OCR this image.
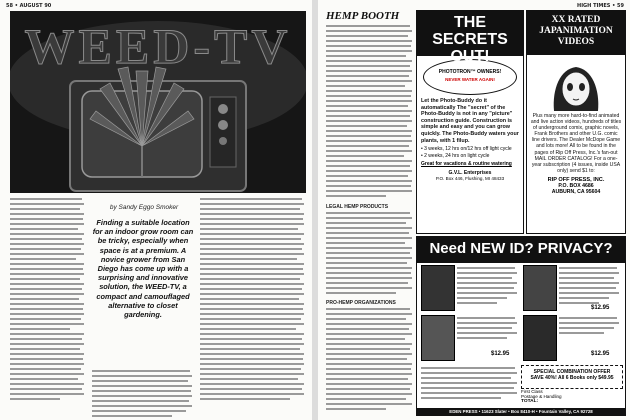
58 • AUGUST 90
WEED-TV
by Sandy Eggo Smoker
Finding a suitable location for an indoor grow room can be tricky, especially when space is at a premium. A novice grower from San Diego has come up with a surprising and innovative solution, the WEED-TV, a compact and camouflaged alternative to closet gardening.
HIGH TIMES • 59
HEMP BOOTH
LEGAL HEMP PRODUCTS
PRO-HEMP ORGANIZATIONS
THE SECRETS OUT!
PHOTOTRON™ OWNERS!
NEVER WATER AGAIN!
Let the Photo-Buddy do it automatically The "secret" of the Photo-Buddy is not in any "picture" construction guide. Construction is simple and easy and you can grow quickly. The Photo-Buddy waters your plants, with 1 filup.
• 3 weeks, 12 hrs on/12 hrs off light cycle
• 2 weeks, 24 hrs on light cycle
Great for vacations & routine watering
G.V.L. Enterprises
P.O. Box 446, Flushing, MI 48433
XX RATED JAPANIMATION VIDEOS
Plus many more hard-to-find animated and live action videos, hundreds of titles of underground comix, graphic novels, Frank Brothers and other U.G. comic line drivers. The Dealer McDope Game and lots more! All to be found in the pages of Rip Off Press, Inc.'s fan-out MAIL ORDER CATALOG! For a one-year subscription (4 issues, inside USA only) send $1 to:
RIP OFF PRESS, INC.
P.O. BOX 4686
AUBURN, CA 95604
Need NEW ID? PRIVACY?
$12.95
$12.95
$12.95
SPECIAL COMBINATION OFFER
SAVE 40%! All 6 Books only $49.95
First Class
Postage & Handling
TOTAL:
EDEN PRESS • 11623 Slater • Box 8410-H • Fountain Valley, CA 92728
